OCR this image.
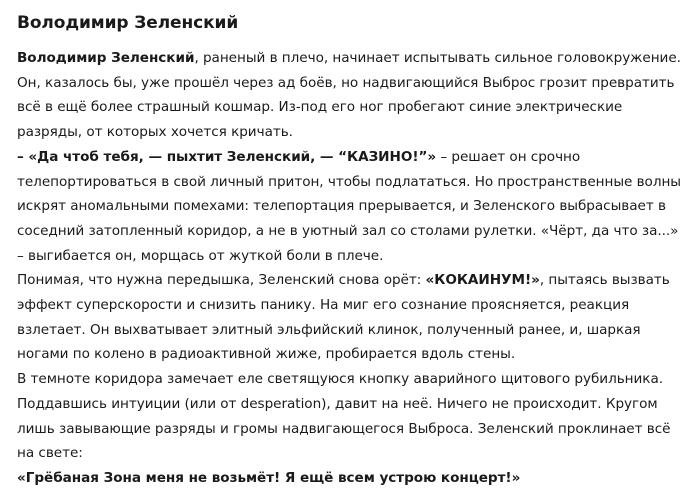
Володимир Зеленский

Володимир Зеленский, раненый в плечо, начинает испытывать сильное головокружение. Он, казалось бы, уже прошёл через ад боёв, но надвигающийся Выброс грозит превратить всё в ещё более страшный кошмар. Из-под его ног пробегают синие электрические разряды, от которых хочется кричать.

– «Да чтоб тебя, — пыхтит Зеленский, — “КАЗИНО!”» – решает он срочно телепортироваться в свой личный притон, чтобы подлататься. Но пространственные волны искрят аномальными помехами: телепортация прерывается, и Зеленского выбрасывает в соседний затопленный коридор, а не в уютный зал со столами рулетки. «Чёрт, да что за...» – выгибается он, морщась от жуткой боли в плече.

Понимая, что нужна передышка, Зеленский снова орёт: «КОКАИНУМ!», пытаясь вызвать эффект суперскорости и снизить панику. На миг его сознание проясняется, реакция взлетает. Он выхватывает элитный эльфийский клинок, полученный ранее, и, шаркая ногами по колено в радиоактивной жиже, пробирается вдоль стены.

В темноте коридора замечает еле светящуюся кнопку аварийного щитового рубильника. Поддавшись интуиции (или от desperation), давит на неё. Ничего не происходит. Кругом лишь завывающие разряды и громы надвигающегося Выброса. Зеленский проклинает всё на свете:

«Грёбаная Зона меня не возьмёт! Я ещё всем устрою концерт!»
